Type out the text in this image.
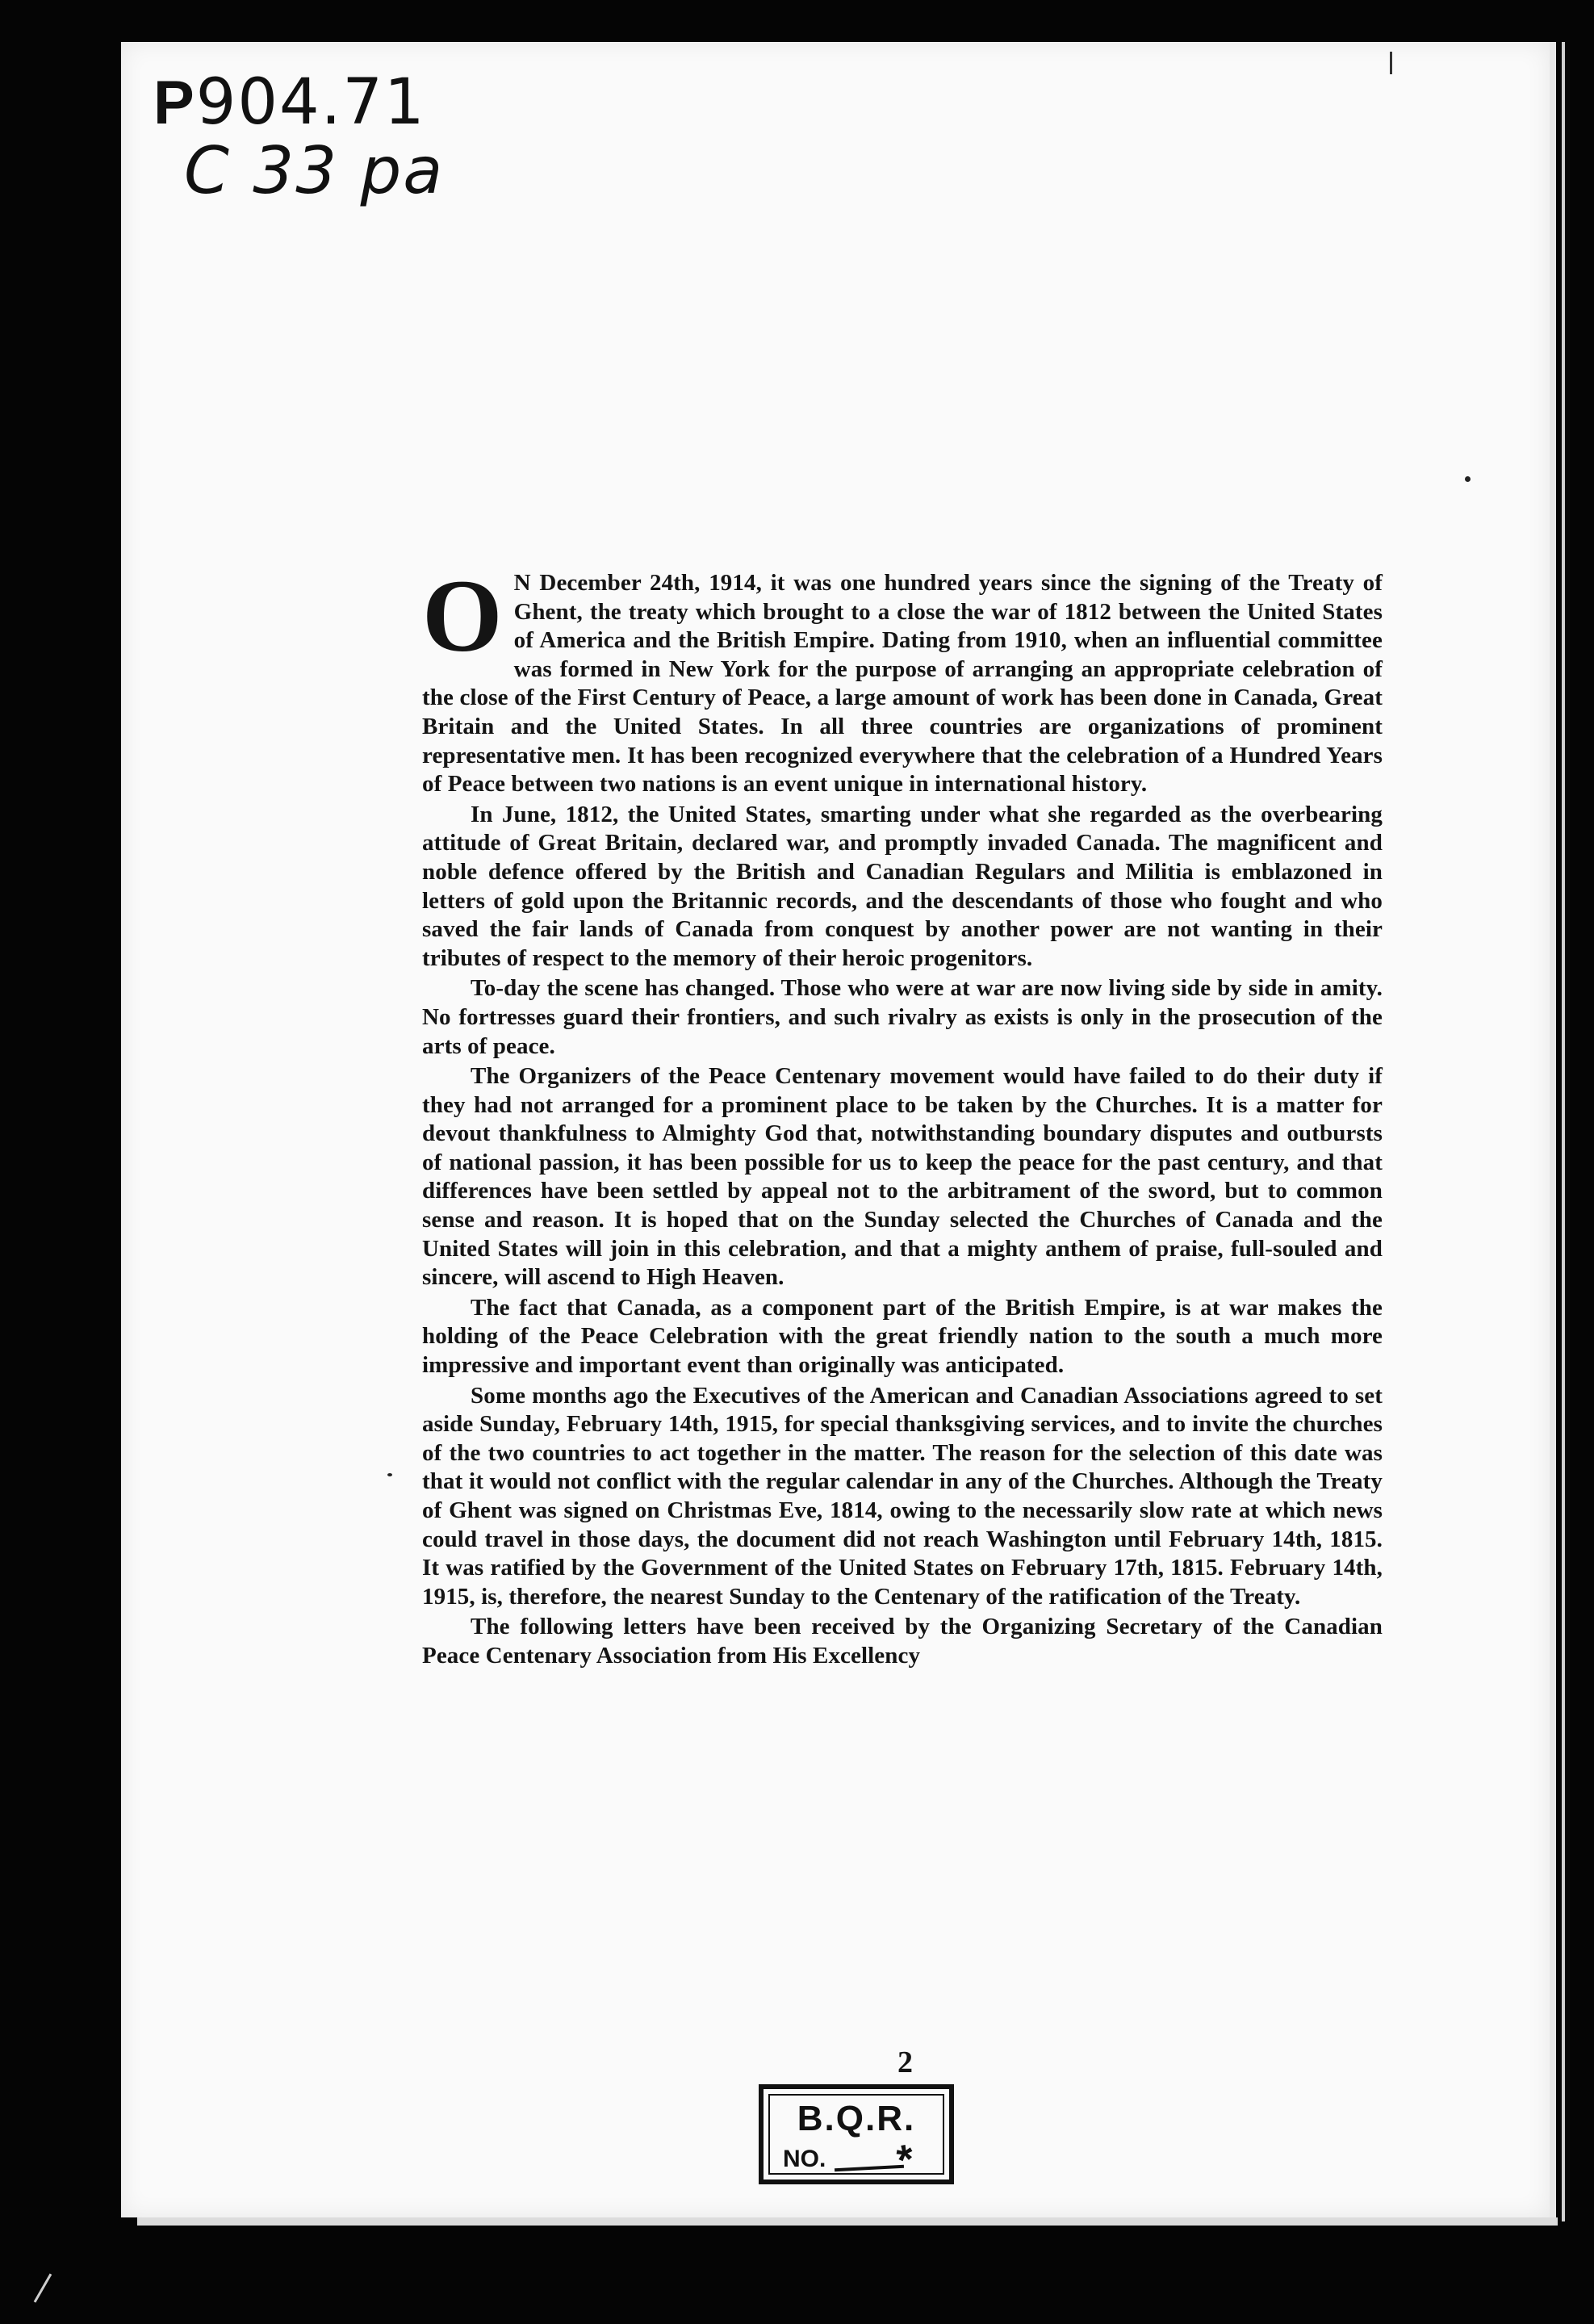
P904.71
C 33 pa

O N December 24th, 1914, it was one hundred years since the signing of the Treaty of Ghent, the treaty which brought to a close the war of 1812 between the United States of America and the British Empire. Dating from 1910, when an influential committee was formed in New York for the purpose of arranging an appropriate celebration of the close of the First Century of Peace, a large amount of work has been done in Canada, Great Britain and the United States. In all three countries are organizations of prominent representative men. It has been recognized everywhere that the celebration of a Hundred Years of Peace between two nations is an event unique in international history.

In June, 1812, the United States, smarting under what she regarded as the overbearing attitude of Great Britain, declared war, and promptly invaded Canada. The magnificent and noble defence offered by the British and Canadian Regulars and Militia is emblazoned in letters of gold upon the Britannic records, and the descendants of those who fought and who saved the fair lands of Canada from conquest by another power are not wanting in their tributes of respect to the memory of their heroic progenitors.

To-day the scene has changed. Those who were at war are now living side by side in amity. No fortresses guard their frontiers, and such rivalry as exists is only in the prosecution of the arts of peace.

The Organizers of the Peace Centenary movement would have failed to do their duty if they had not arranged for a prominent place to be taken by the Churches. It is a matter for devout thankfulness to Almighty God that, notwithstanding boundary disputes and outbursts of national passion, it has been possible for us to keep the peace for the past century, and that differences have been settled by appeal not to the arbitrament of the sword, but to common sense and reason. It is hoped that on the Sunday selected the Churches of Canada and the United States will join in this celebration, and that a mighty anthem of praise, full-souled and sincere, will ascend to High Heaven.

The fact that Canada, as a component part of the British Empire, is at war makes the holding of the Peace Celebration with the great friendly nation to the south a much more impressive and important event than originally was anticipated.

Some months ago the Executives of the American and Canadian Associations agreed to set aside Sunday, February 14th, 1915, for special thanksgiving services, and to invite the churches of the two countries to act together in the matter. The reason for the selection of this date was that it would not conflict with the regular calendar in any of the Churches. Although the Treaty of Ghent was signed on Christmas Eve, 1814, owing to the necessarily slow rate at which news could travel in those days, the document did not reach Washington until February 14th, 1815. It was ratified by the Government of the United States on February 17th, 1815. February 14th, 1915, is, therefore, the nearest Sunday to the Centenary of the ratification of the Treaty.

The following letters have been received by the Organizing Secretary of the Canadian Peace Centenary Association from His Excellency

2
B.Q.R.
NO. *
